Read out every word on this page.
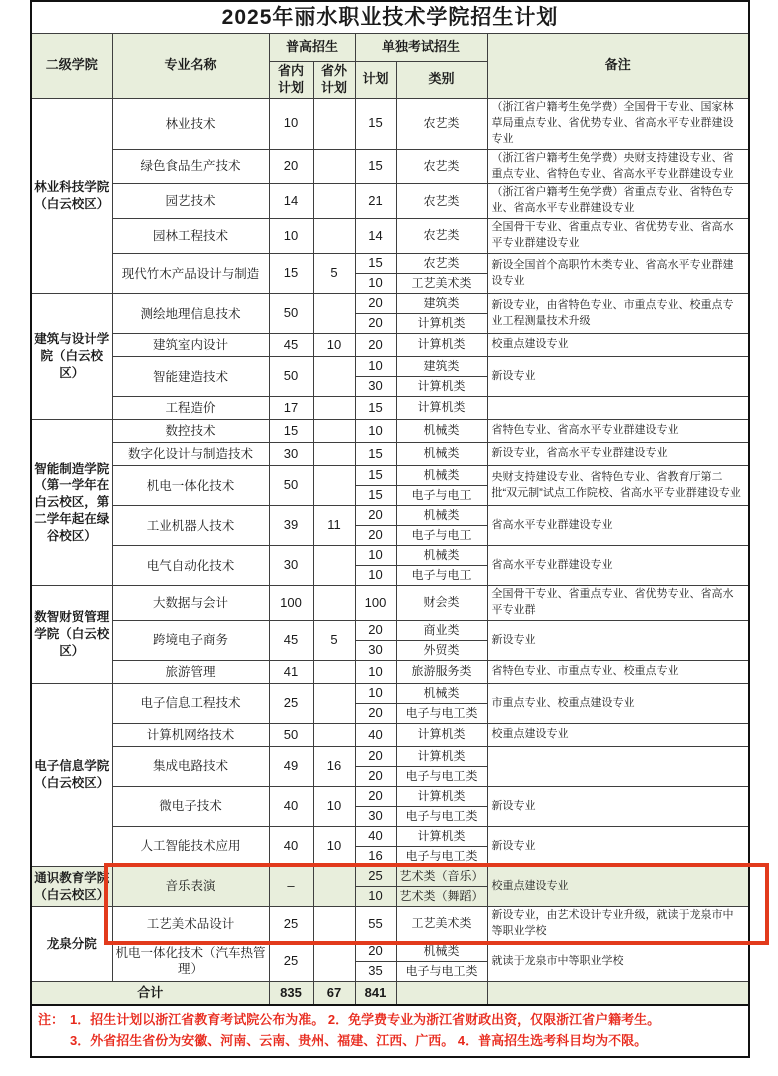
2025年丽水职业技术学院招生计划						
二级学院	专业名称	普高招生		单独考试招生		备注
		省内计划	省外计划	计划	类别	
林业科技学院（白云校区）	林业技术	10		15	农艺类	（浙江省户籍考生免学费）全国骨干专业、国家林草局重点专业、省优势专业、省高水平专业群建设专业
	绿色食品生产技术	20		15	农艺类	（浙江省户籍考生免学费）央财支持建设专业、省重点专业、省特色专业、省高水平专业群建设专业
	园艺技术	14		21	农艺类	（浙江省户籍考生免学费）省重点专业、省特色专业、省高水平专业群建设专业
	园林工程技术	10		14	农艺类	全国骨干专业、省重点专业、省优势专业、省高水平专业群建设专业
	现代竹木产品设计与制造	15	5	15	农艺类	新设全国首个高职竹木类专业、省高水平专业群建设专业
				10	工艺美术类	
建筑与设计学院（白云校区）	测绘地理信息技术	50		20	建筑类	新设专业，由省特色专业、市重点专业、校重点专业工程测量技术升级
				20	计算机类	
	建筑室内设计	45	10	20	计算机类	校重点建设专业
	智能建造技术	50		10	建筑类	新设专业
				30	计算机类	
	工程造价	17		15	计算机类	
智能制造学院（第一学年在白云校区，第二学年起在绿谷校区）	数控技术	15		10	机械类	省特色专业、省高水平专业群建设专业
	数字化设计与制造技术	30		15	机械类	新设专业，省高水平专业群建设专业
	机电一体化技术	50		15	机械类	央财支持建设专业、省特色专业、省教育厅第二批“双元制”试点工作院校、省高水平专业群建设专业
				15	电子与电工	
	工业机器人技术	39	11	20	机械类	省高水平专业群建设专业
				20	电子与电工	
	电气自动化技术	30		10	机械类	省高水平专业群建设专业
				10	电子与电工	
数智财贸管理学院（白云校区）	大数据与会计	100		100	财会类	全国骨干专业、省重点专业、省优势专业、省高水平专业群
	跨境电子商务	45	5	20	商业类	新设专业
				30	外贸类	
	旅游管理	41		10	旅游服务类	省特色专业、市重点专业、校重点专业
电子信息学院（白云校区）	电子信息工程技术	25		10	机械类	市重点专业、校重点建设专业
				20	电子与电工类	
	计算机网络技术	50		40	计算机类	校重点建设专业
	集成电路技术	49	16	20	计算机类	
				20	电子与电工类	
	微电子技术	40	10	20	计算机类	新设专业
				30	电子与电工类	
	人工智能技术应用	40	10	40	计算机类	新设专业
				16	电子与电工类	
通识教育学院（白云校区）	音乐表演	–		25	艺术类（音乐）	校重点建设专业
				10	艺术类（舞蹈）	
龙泉分院	工艺美术品设计	25		55	工艺美术类	新设专业，由艺术设计专业升级，就读于龙泉市中等职业学校
	机电一体化技术（汽车热管理）	25		20	机械类	就读于龙泉市中等职业学校
				35	电子与电工类	
合计		835	67	841		

注： 1．招生计划以浙江省教育考试院公布为准。 2．免学费专业为浙江省财政出资，仅限浙江省户籍考生。
3．外省招生省份为安徽、河南、云南、贵州、福建、江西、广西。 4．普高招生选考科目均为不限。						
